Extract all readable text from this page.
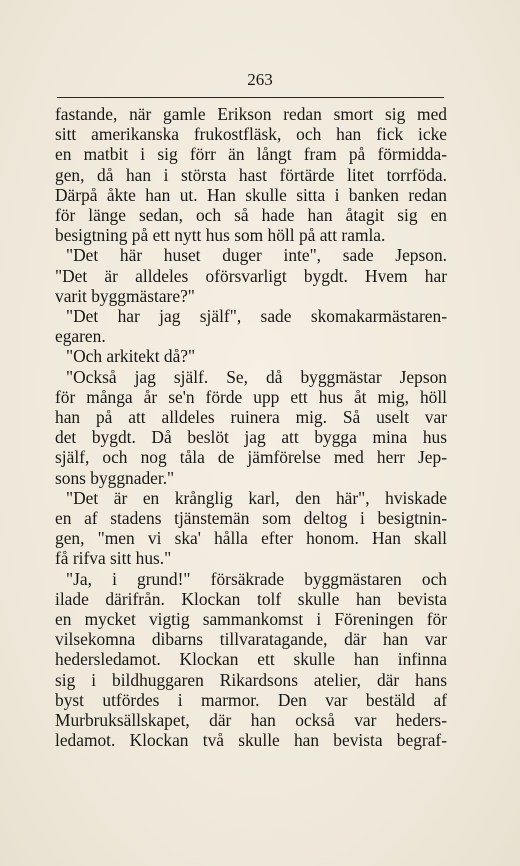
263
fastande, när gamle Erikson redan smort sig med
sitt amerikanska frukostfläsk, och han fick icke
en matbit i sig förr än långt fram på förmidda-
gen, då han i största hast förtärde litet torrföda.
Därpå åkte han ut. Han skulle sitta i banken redan
för länge sedan, och så hade han åtagit sig en
besigtning på ett nytt hus som höll på att ramla.
"Det här huset duger inte", sade Jepson.
"Det är alldeles oförsvarligt bygdt. Hvem har
varit byggmästare?"
"Det har jag själf", sade skomakarmästaren-
egaren.
"Och arkitekt då?"
"Också jag själf. Se, då byggmästar Jepson
för många år se'n förde upp ett hus åt mig, höll
han på att alldeles ruinera mig. Så uselt var
det bygdt. Då beslöt jag att bygga mina hus
själf, och nog tåla de jämförelse med herr Jep-
sons byggnader."
"Det är en krånglig karl, den här", hviskade
en af stadens tjänstemän som deltog i besigtnin-
gen, "men vi ska' hålla efter honom. Han skall
få rifva sitt hus."
"Ja, i grund!" försäkrade byggmästaren och
ilade därifrån. Klockan tolf skulle han bevista
en mycket vigtig sammankomst i Föreningen för
vilsekomna dibarns tillvaratagande, där han var
hedersledamot. Klockan ett skulle han infinna
sig i bildhuggaren Rikardsons atelier, där hans
byst utfördes i marmor. Den var bestäld af
Murbruksällskapet, där han också var heders-
ledamot. Klockan två skulle han bevista begraf-
